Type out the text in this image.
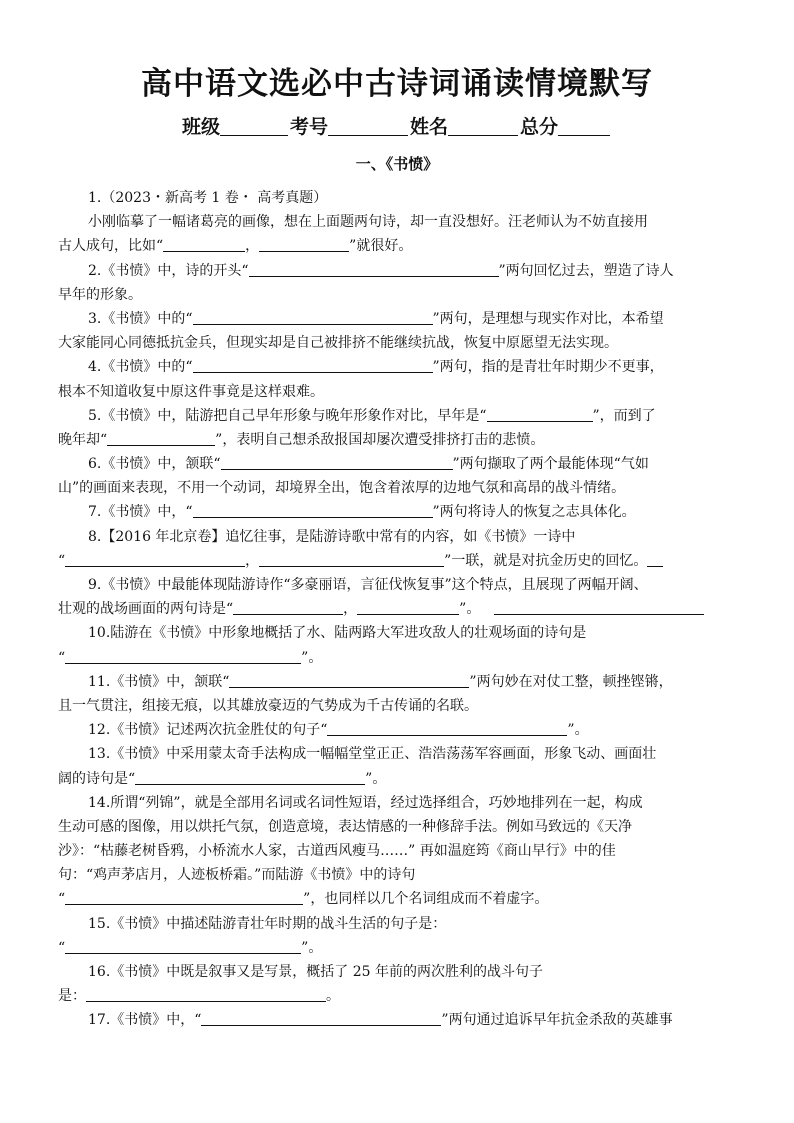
高中语文选必中古诗词诵读情境默写
班级	考号	姓名	总分
一、《书愤》
1.（2023・新高考 1 卷・ 高考真题）
小刚临摹了一幅诸葛亮的画像，想在上面题两句诗，却一直没想好。汪老师认为不妨直接用
古人成句，比如“	，	”就很好。
2.《书愤》中，诗的开头“	”两句回忆过去，塑造了诗人
早年的形象。
3.《书愤》中的“	”两句，是理想与现实作对比，本希望
大家能同心同德抵抗金兵，但现实却是自己被排挤不能继续抗战，恢复中原愿望无法实现。
4.《书愤》中的“	”两句，指的是青壮年时期少不更事，
根本不知道收复中原这件事竟是这样艰难。
5.《书愤》中，陆游把自己早年形象与晚年形象作对比，早年是“	”，而到了
晚年却“	”，表明自己想杀敌报国却屡次遭受排挤打击的悲愤。
6.《书愤》中，颔联“	”两句撷取了两个最能体现“气如
山”的画面来表现，不用一个动词，却境界全出，饱含着浓厚的边地气氛和高昂的战斗情绪。
7.《书愤》中，“	”两句将诗人的恢复之志具体化。
8.【2016 年北京卷】追忆往事，是陆游诗歌中常有的内容，如《书愤》一诗中
“	，	”一联，就是对抗金历史的回忆。
9.《书愤》中最能体现陆游诗作“多豪丽语，言征伐恢复事”这个特点，且展现了两幅开阔、
壮观的战场画面的两句诗是“	，	”。
10.陆游在《书愤》中形象地概括了水、陆两路大军进攻敌人的壮观场面的诗句是
“	”。
11.《书愤》中，颔联“	”两句妙在对仗工整，顿挫铿锵，
且一气贯注，组接无痕，以其雄放豪迈的气势成为千古传诵的名联。
12.《书愤》记述两次抗金胜仗的句子“	”。
13.《书愤》中采用蒙太奇手法构成一幅幅堂堂正正、浩浩荡荡军容画面，形象飞动、画面壮
阔的诗句是“	”。
14.所谓“列锦”，就是全部用名词或名词性短语，经过选择组合，巧妙地排列在一起，构成
生动可感的图像，用以烘托气氛，创造意境，表达情感的一种修辞手法。例如马致远的《天净
沙》：“枯藤老树昏鸦，小桥流水人家，古道西风瘦马……” 再如温庭筠《商山早行》中的佳
句：“鸡声茅店月，人迹板桥霜。”而陆游《书愤》中的诗句
“	”，也同样以几个名词组成而不着虚字。
15.《书愤》中描述陆游青壮年时期的战斗生活的句子是：
“	”。
16.《书愤》中既是叙事又是写景，概括了 25 年前的两次胜利的战斗句子
是：	。
17.《书愤》中，“	”两句通过追诉早年抗金杀敌的英雄事
